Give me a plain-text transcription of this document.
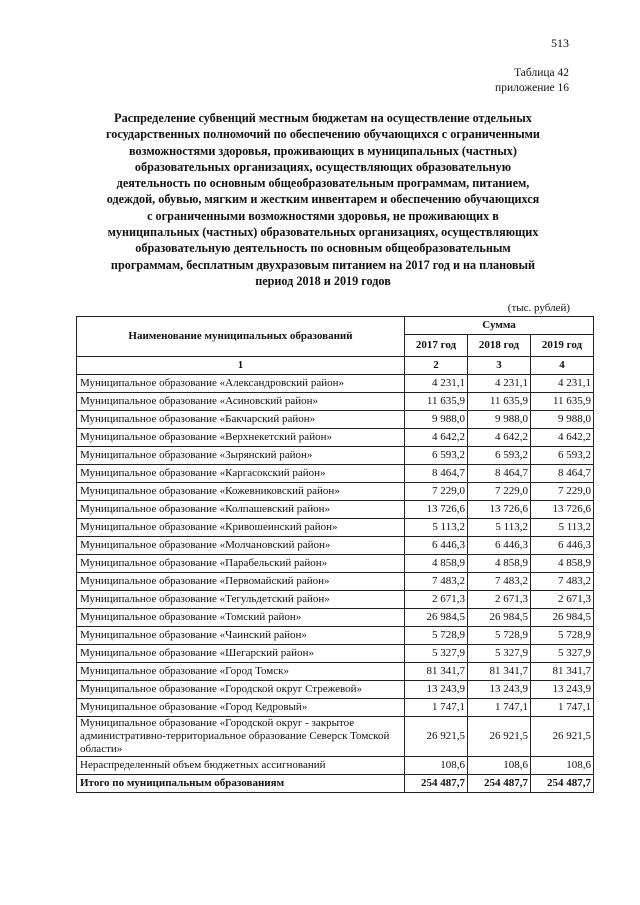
513
Таблица 42
приложение 16
Распределение субвенций местным бюджетам на осуществление отдельных
государственных полномочий по обеспечению обучающихся с ограниченными
возможностями здоровья, проживающих в муниципальных (частных)
образовательных организациях, осуществляющих образовательную
деятельность по основным общеобразовательным программам, питанием,
одеждой, обувью, мягким и жестким инвентарем и обеспечению обучающихся
с ограниченными возможностями здоровья, не проживающих в
муниципальных (частных) образовательных организациях, осуществляющих
образовательную деятельность по основным общеобразовательным
программам, бесплатным двухразовым питанием на 2017 год и на плановый
период 2018 и 2019 годов
(тыс. рублей)
Наименование муниципальных образований	Сумма		
	2017 год	2018 год	2019 год
1	2	3	4
Муниципальное образование «Александровский район»	4 231,1	4 231,1	4 231,1
Муниципальное образование «Асиновский район»	11 635,9	11 635,9	11 635,9
Муниципальное образование «Бакчарский район»	9 988,0	9 988,0	9 988,0
Муниципальное образование «Верхнекетский район»	4 642,2	4 642,2	4 642,2
Муниципальное образование «Зырянский район»	6 593,2	6 593,2	6 593,2
Муниципальное образование «Каргасокский район»	8 464,7	8 464,7	8 464,7
Муниципальное образование «Кожевниковский район»	7 229,0	7 229,0	7 229,0
Муниципальное образование «Колпашевский район»	13 726,6	13 726,6	13 726,6
Муниципальное образование «Кривошеинский район»	5 113,2	5 113,2	5 113,2
Муниципальное образование «Молчановский район»	6 446,3	6 446,3	6 446,3
Муниципальное образование «Парабельский район»	4 858,9	4 858,9	4 858,9
Муниципальное образование «Первомайский район»	7 483,2	7 483,2	7 483,2
Муниципальное образование «Тегульдетский район»	2 671,3	2 671,3	2 671,3
Муниципальное образование «Томский район»	26 984,5	26 984,5	26 984,5
Муниципальное образование «Чаинский район»	5 728,9	5 728,9	5 728,9
Муниципальное образование «Шегарский район»	5 327,9	5 327,9	5 327,9
Муниципальное образование «Город Томск»	81 341,7	81 341,7	81 341,7
Муниципальное образование «Городской округ Стрежевой»	13 243,9	13 243,9	13 243,9
Муниципальное образование «Город Кедровый»	1 747,1	1 747,1	1 747,1
Муниципальное образование «Городской округ - закрытое административно-территориальное образование Северск Томской области»	26 921,5	26 921,5	26 921,5
Нераспределенный объем бюджетных ассигнований	108,6	108,6	108,6
Итого по муниципальным образованиям	254 487,7	254 487,7	254 487,7
